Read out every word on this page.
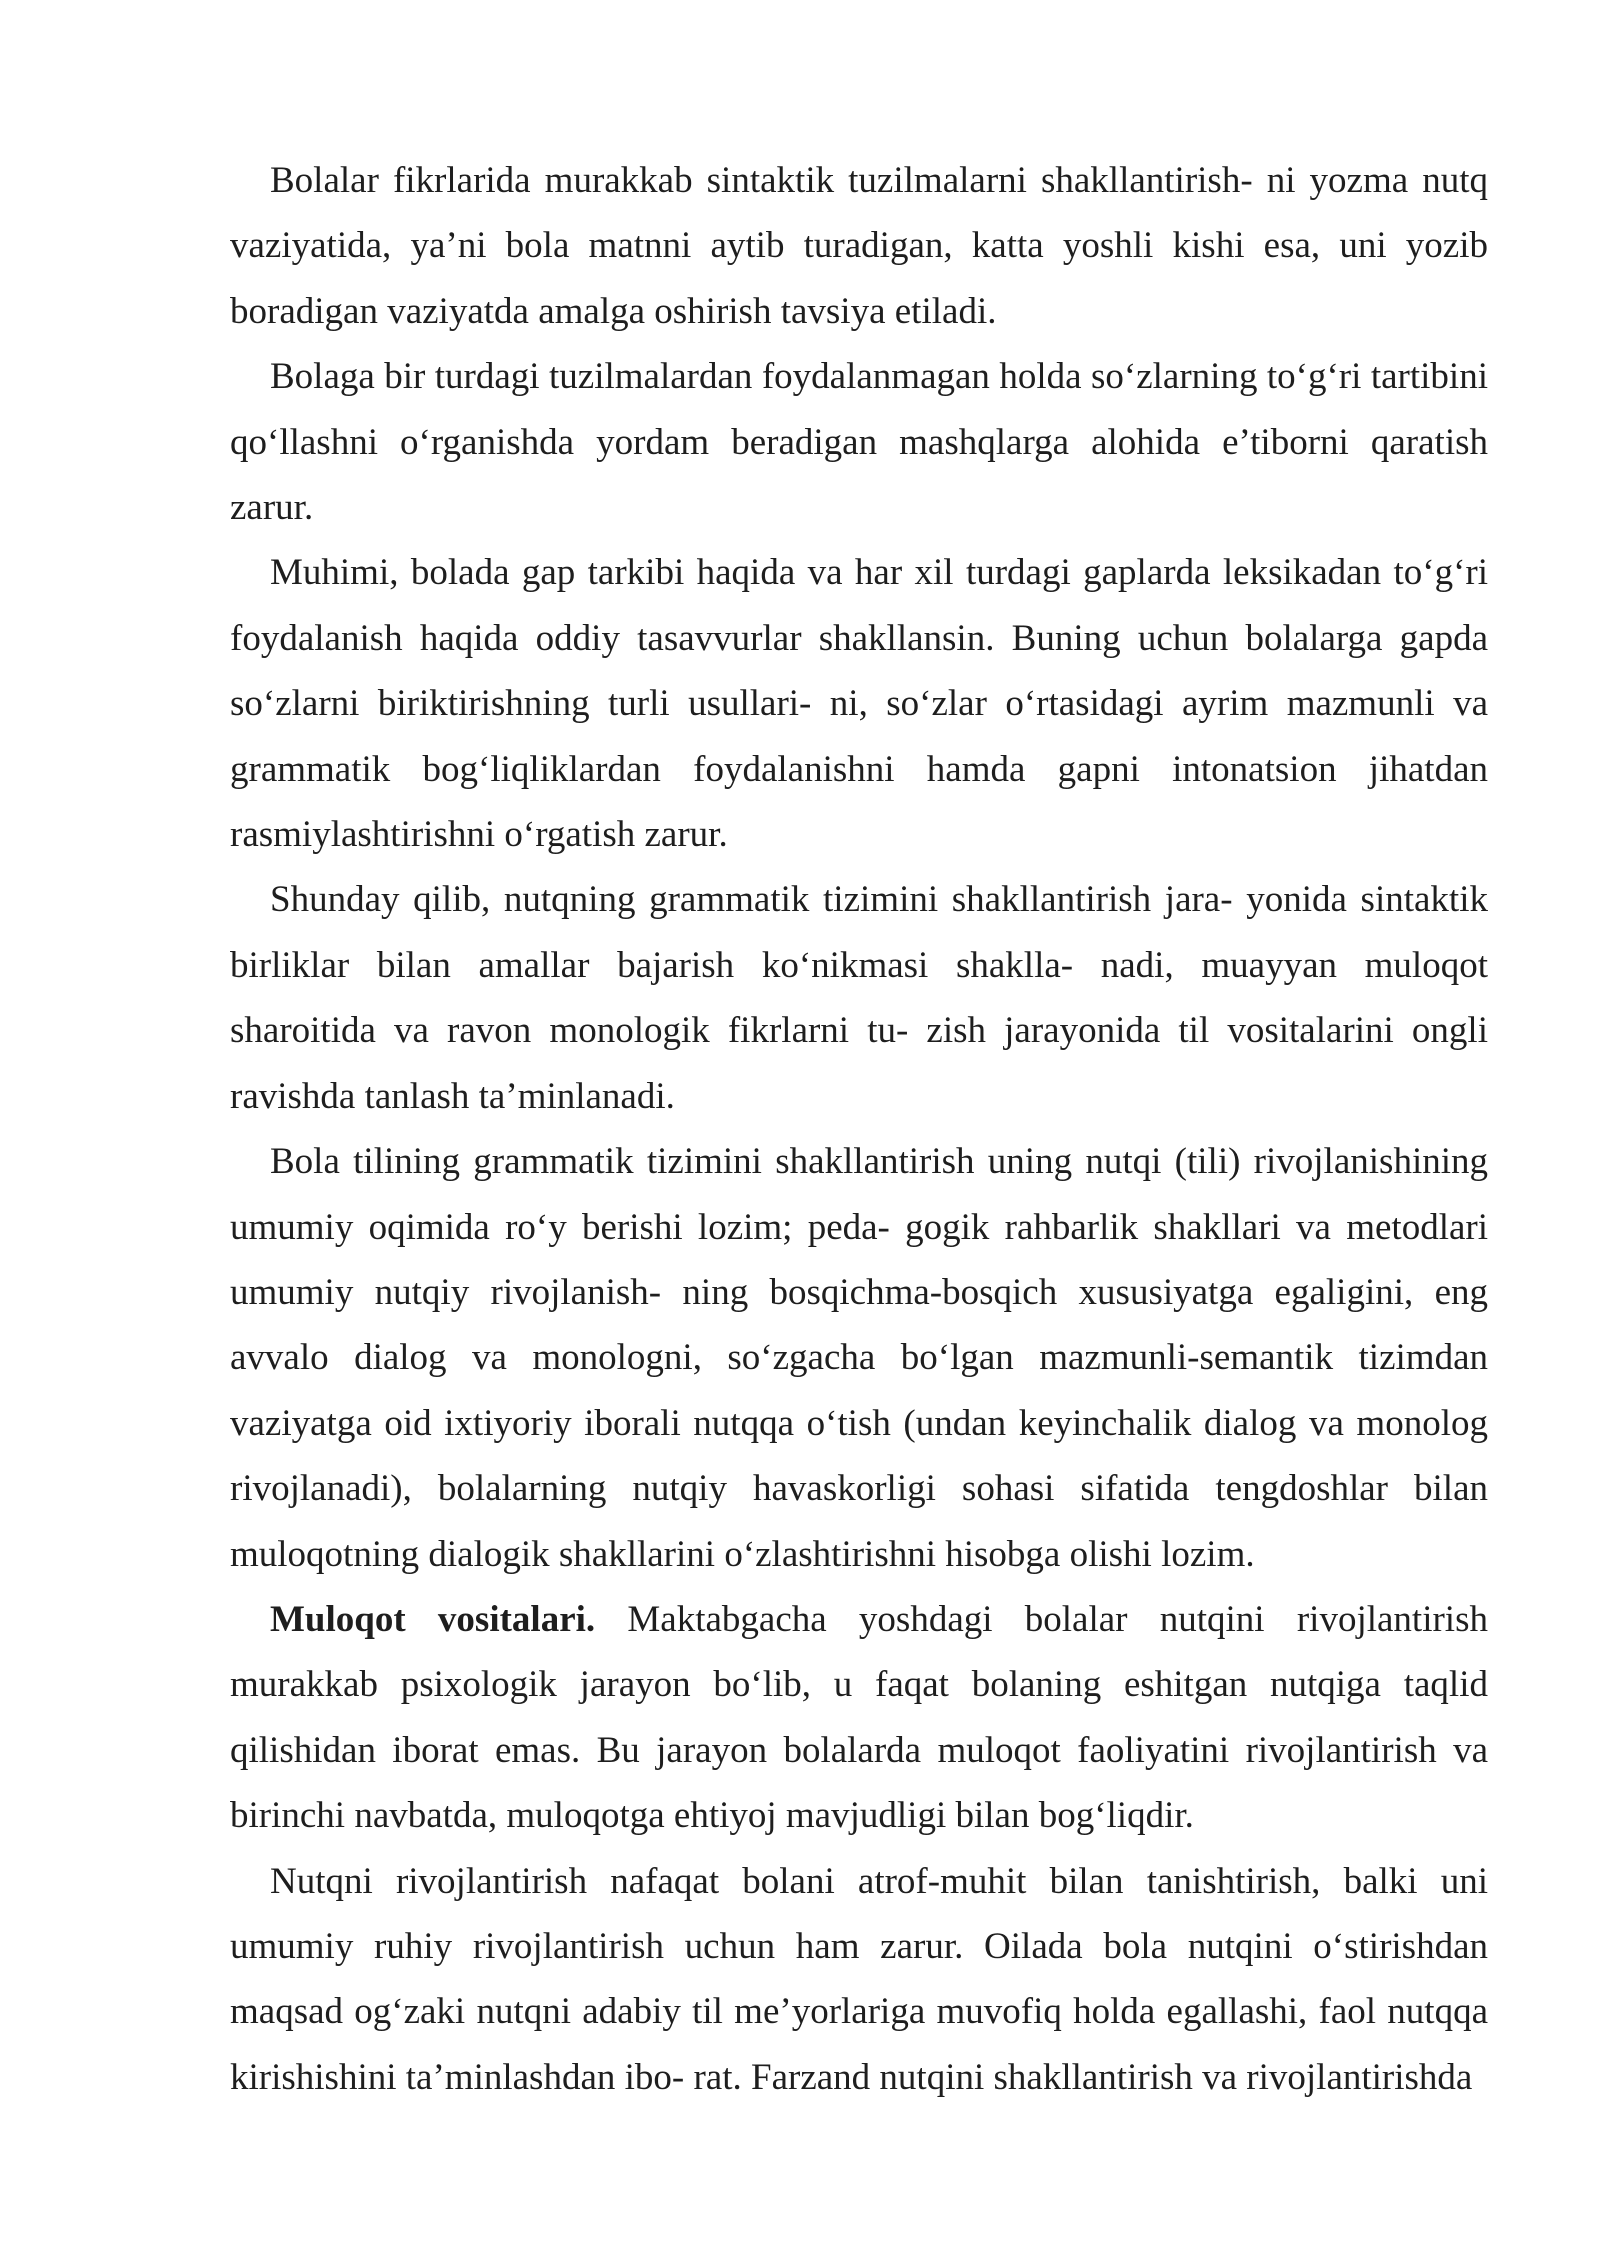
Bolalar fikrlarida murakkab sintaktik tuzilmalarni shakllantirish- ni yozma nutq vaziyatida, ya’ni bola matnni aytib turadigan, katta yoshli kishi esa, uni yozib boradigan vaziyatda amalga oshirish tavsiya etiladi.

Bolaga bir turdagi tuzilmalardan foydalanmagan holda so‘zlarning to‘g‘ri tartibini qo‘llashni o‘rganishda yordam beradigan mashqlarga alohida e’tiborni qaratish zarur.

Muhimi, bolada gap tarkibi haqida va har xil turdagi gaplarda leksikadan to‘g‘ri foydalanish haqida oddiy tasavvurlar shakllansin. Buning uchun bolalarga gapda so‘zlarni biriktirishning turli usullari- ni, so‘zlar o‘rtasidagi ayrim mazmunli va grammatik bog‘liqliklardan foydalanishni hamda gapni intonatsion jihatdan rasmiylashtirishni o‘rgatish zarur.

Shunday qilib, nutqning grammatik tizimini shakllantirish jara- yonida sintaktik birliklar bilan amallar bajarish ko‘nikmasi shaklla- nadi, muayyan muloqot sharoitida va ravon monologik fikrlarni tu- zish jarayonida til vositalarini ongli ravishda tanlash ta’minlanadi.

Bola tilining grammatik tizimini shakllantirish uning nutqi (tili) rivojlanishining umumiy oqimida ro‘y berishi lozim; peda- gogik rahbarlik shakllari va metodlari umumiy nutqiy rivojlanish- ning bosqichma-bosqich xususiyatga egaligini, eng avvalo dialog va monologni, so‘zgacha bo‘lgan mazmunli-semantik tizimdan vaziyatga oid ixtiyoriy iborali nutqqa o‘tish (undan keyinchalik dialog va monolog rivojlanadi), bolalarning nutqiy havaskorligi sohasi sifatida tengdoshlar bilan muloqotning dialogik shakllarini o‘zlashtirishni hisobga olishi lozim.

Muloqot vositalari. Maktabgacha yoshdagi bolalar nutqini rivojlantirish murakkab psixologik jarayon bo‘lib, u faqat bolaning eshitgan nutqiga taqlid qilishidan iborat emas. Bu jarayon bolalarda muloqot faoliyatini rivojlantirish va birinchi navbatda, muloqotga ehtiyoj mavjudligi bilan bog‘liqdir.

Nutqni rivojlantirish nafaqat bolani atrof-muhit bilan tanishtirish, balki uni umumiy ruhiy rivojlantirish uchun ham zarur. Oilada bola nutqini o‘stirishdan maqsad og‘zaki nutqni adabiy til me’yorlariga muvofiq holda egallashi, faol nutqqa kirishishini ta’minlashdan ibo- rat. Farzand nutqini shakllantirish va rivojlantirishda
